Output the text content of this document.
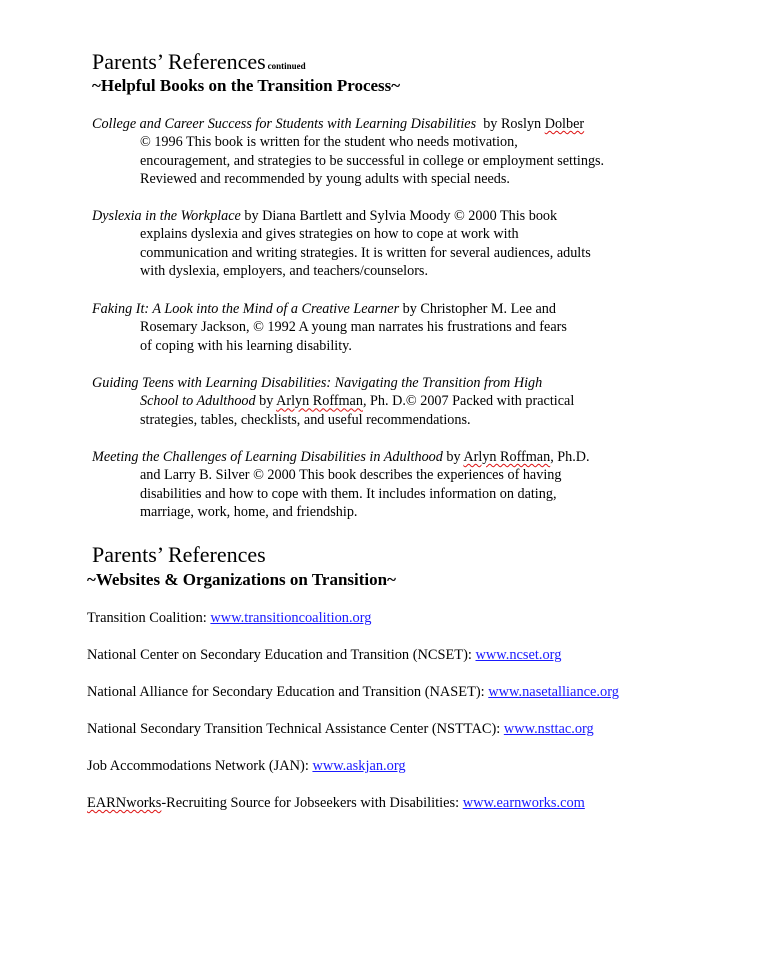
Parents’ References continued
~Helpful Books on the Transition Process~
College and Career Success for Students with Learning Disabilities by Roslyn Dolber
© 1996 This book is written for the student who needs motivation,
encouragement, and strategies to be successful in college or employment settings.
Reviewed and recommended by young adults with special needs.
Dyslexia in the Workplace by Diana Bartlett and Sylvia Moody © 2000 This book
explains dyslexia and gives strategies on how to cope at work with
communication and writing strategies. It is written for several audiences, adults
with dyslexia, employers, and teachers/counselors.
Faking It: A Look into the Mind of a Creative Learner by Christopher M. Lee and
Rosemary Jackson, © 1992 A young man narrates his frustrations and fears
of coping with his learning disability.
Guiding Teens with Learning Disabilities: Navigating the Transition from High
School to Adulthood by Arlyn Roffman, Ph. D.© 2007 Packed with practical
strategies, tables, checklists, and useful recommendations.
Meeting the Challenges of Learning Disabilities in Adulthood by Arlyn Roffman, Ph.D.
and Larry B. Silver © 2000 This book describes the experiences of having
disabilities and how to cope with them. It includes information on dating,
marriage, work, home, and friendship.
Parents’ References
~Websites & Organizations on Transition~
Transition Coalition: www.transitioncoalition.org
National Center on Secondary Education and Transition (NCSET): www.ncset.org
National Alliance for Secondary Education and Transition (NASET): www.nasetalliance.org
National Secondary Transition Technical Assistance Center (NSTTAC): www.nsttac.org
Job Accommodations Network (JAN): www.askjan.org
EARNworks-Recruiting Source for Jobseekers with Disabilities: www.earnworks.com
